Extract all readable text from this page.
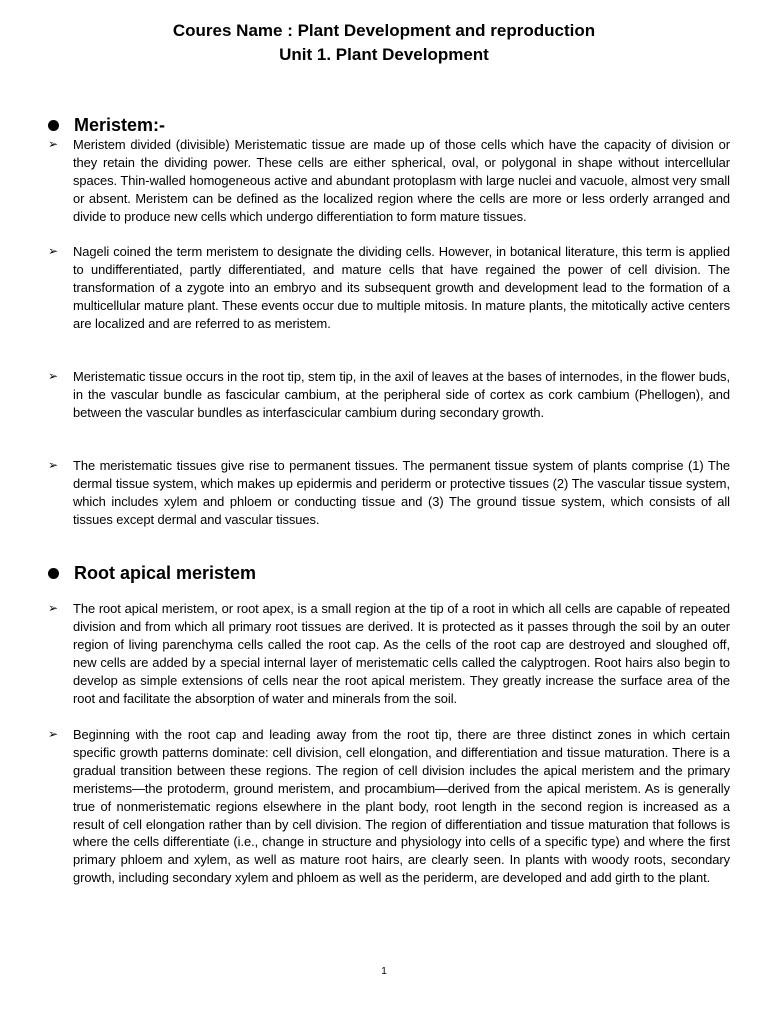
Coures Name : Plant Development and reproduction
Unit 1. Plant Development
Meristem:-
➢	Meristem divided (divisible) Meristematic tissue are made up of those cells which have the capacity of division or they retain the dividing power. These cells are either spherical, oval, or polygonal in shape without intercellular spaces. Thin-walled homogeneous active and abundant protoplasm with large nuclei and vacuole, almost very small or absent. Meristem can be defined as the localized region where the cells are more or less orderly arranged and divide to produce new cells which undergo differentiation to form mature tissues.
➢	Nageli coined the term meristem to designate the dividing cells. However, in botanical literature, this term is applied to undifferentiated, partly differentiated, and mature cells that have regained the power of cell division. The transformation of a zygote into an embryo and its subsequent growth and development lead to the formation of a multicellular mature plant. These events occur due to multiple mitosis. In mature plants, the mitotically active centers are localized and are referred to as meristem.
➢	Meristematic tissue occurs in the root tip, stem tip, in the axil of leaves at the bases of internodes, in the flower buds, in the vascular bundle as fascicular cambium, at the peripheral side of cortex as cork cambium (Phellogen), and between the vascular bundles as interfascicular cambium during secondary growth.
➢	The meristematic tissues give rise to permanent tissues. The permanent tissue system of plants comprise (1) The dermal tissue system, which makes up epidermis and periderm or protective tissues (2) The vascular tissue system, which includes xylem and phloem or conducting tissue and (3) The ground tissue system, which consists of all tissues except dermal and vascular tissues.
Root apical meristem
➢	The root apical meristem, or root apex, is a small region at the tip of a root in which all cells are capable of repeated division and from which all primary root tissues are derived. It is protected as it passes through the soil by an outer region of living parenchyma cells called the root cap. As the cells of the root cap are destroyed and sloughed off, new cells are added by a special internal layer of meristematic cells called the calyptrogen. Root hairs also begin to develop as simple extensions of cells near the root apical meristem. They greatly increase the surface area of the root and facilitate the absorption of water and minerals from the soil.
➢	Beginning with the root cap and leading away from the root tip, there are three distinct zones in which certain specific growth patterns dominate: cell division, cell elongation, and differentiation and tissue maturation. There is a gradual transition between these regions. The region of cell division includes the apical meristem and the primary meristems—the protoderm, ground meristem, and procambium—derived from the apical meristem. As is generally true of nonmeristematic regions elsewhere in the plant body, root length in the second region is increased as a result of cell elongation rather than by cell division. The region of differentiation and tissue maturation that follows is where the cells differentiate (i.e., change in structure and physiology into cells of a specific type) and where the first primary phloem and xylem, as well as mature root hairs, are clearly seen. In plants with woody roots, secondary growth, including secondary xylem and phloem as well as the periderm, are developed and add girth to the plant.
1
